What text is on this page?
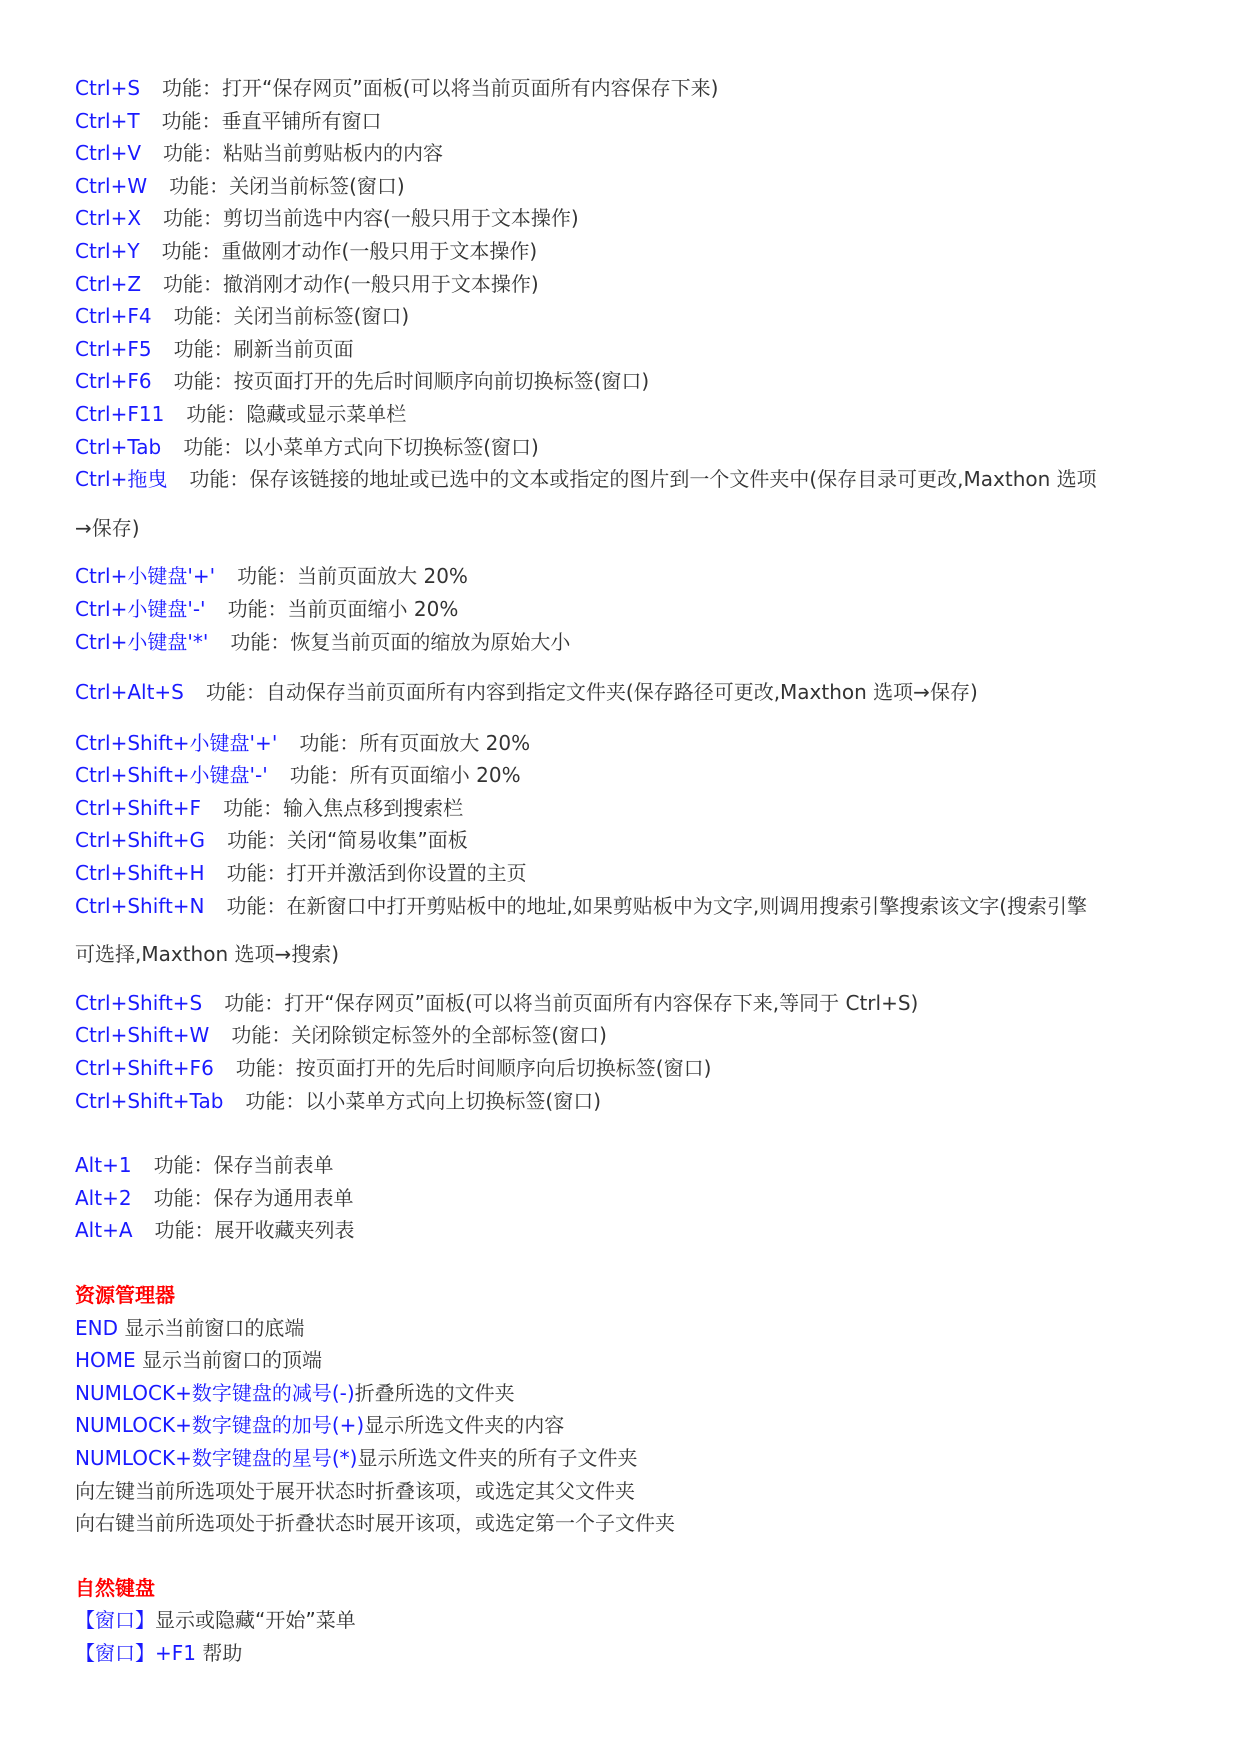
Ctrl+S 功能：打开“保存网页”面板(可以将当前页面所有内容保存下来)
Ctrl+T 功能：垂直平铺所有窗口
Ctrl+V 功能：粘贴当前剪贴板内的内容
Ctrl+W 功能：关闭当前标签(窗口)
Ctrl+X 功能：剪切当前选中内容(一般只用于文本操作)
Ctrl+Y 功能：重做刚才动作(一般只用于文本操作)
Ctrl+Z 功能：撤消刚才动作(一般只用于文本操作)
Ctrl+F4 功能：关闭当前标签(窗口)
Ctrl+F5 功能：刷新当前页面
Ctrl+F6 功能：按页面打开的先后时间顺序向前切换标签(窗口)
Ctrl+F11 功能：隐藏或显示菜单栏
Ctrl+Tab 功能：以小菜单方式向下切换标签(窗口)
Ctrl+拖曳 功能：保存该链接的地址或已选中的文本或指定的图片到一个文件夹中(保存目录可更改,Maxthon 选项
→保存)
Ctrl+小键盘'+' 功能：当前页面放大 20%
Ctrl+小键盘'-' 功能：当前页面缩小 20%
Ctrl+小键盘'*' 功能：恢复当前页面的缩放为原始大小
Ctrl+Alt+S 功能：自动保存当前页面所有内容到指定文件夹(保存路径可更改,Maxthon 选项→保存)
Ctrl+Shift+小键盘'+' 功能：所有页面放大 20%
Ctrl+Shift+小键盘'-' 功能：所有页面缩小 20%
Ctrl+Shift+F 功能：输入焦点移到搜索栏
Ctrl+Shift+G 功能：关闭“简易收集”面板
Ctrl+Shift+H 功能：打开并激活到你设置的主页
Ctrl+Shift+N 功能：在新窗口中打开剪贴板中的地址,如果剪贴板中为文字,则调用搜索引擎搜索该文字(搜索引擎
可选择,Maxthon 选项→搜索)
Ctrl+Shift+S 功能：打开“保存网页”面板(可以将当前页面所有内容保存下来,等同于 Ctrl+S)
Ctrl+Shift+W 功能：关闭除锁定标签外的全部标签(窗口)
Ctrl+Shift+F6 功能：按页面打开的先后时间顺序向后切换标签(窗口)
Ctrl+Shift+Tab 功能：以小菜单方式向上切换标签(窗口)
Alt+1 功能：保存当前表单
Alt+2 功能：保存为通用表单
Alt+A 功能：展开收藏夹列表
资源管理器
END 显示当前窗口的底端
HOME 显示当前窗口的顶端
NUMLOCK+数字键盘的减号(-)折叠所选的文件夹
NUMLOCK+数字键盘的加号(+)显示所选文件夹的内容
NUMLOCK+数字键盘的星号(*)显示所选文件夹的所有子文件夹
向左键当前所选项处于展开状态时折叠该项，或选定其父文件夹
向右键当前所选项处于折叠状态时展开该项，或选定第一个子文件夹
自然键盘
【窗口】显示或隐藏“开始”菜单
【窗口】+F1 帮助
